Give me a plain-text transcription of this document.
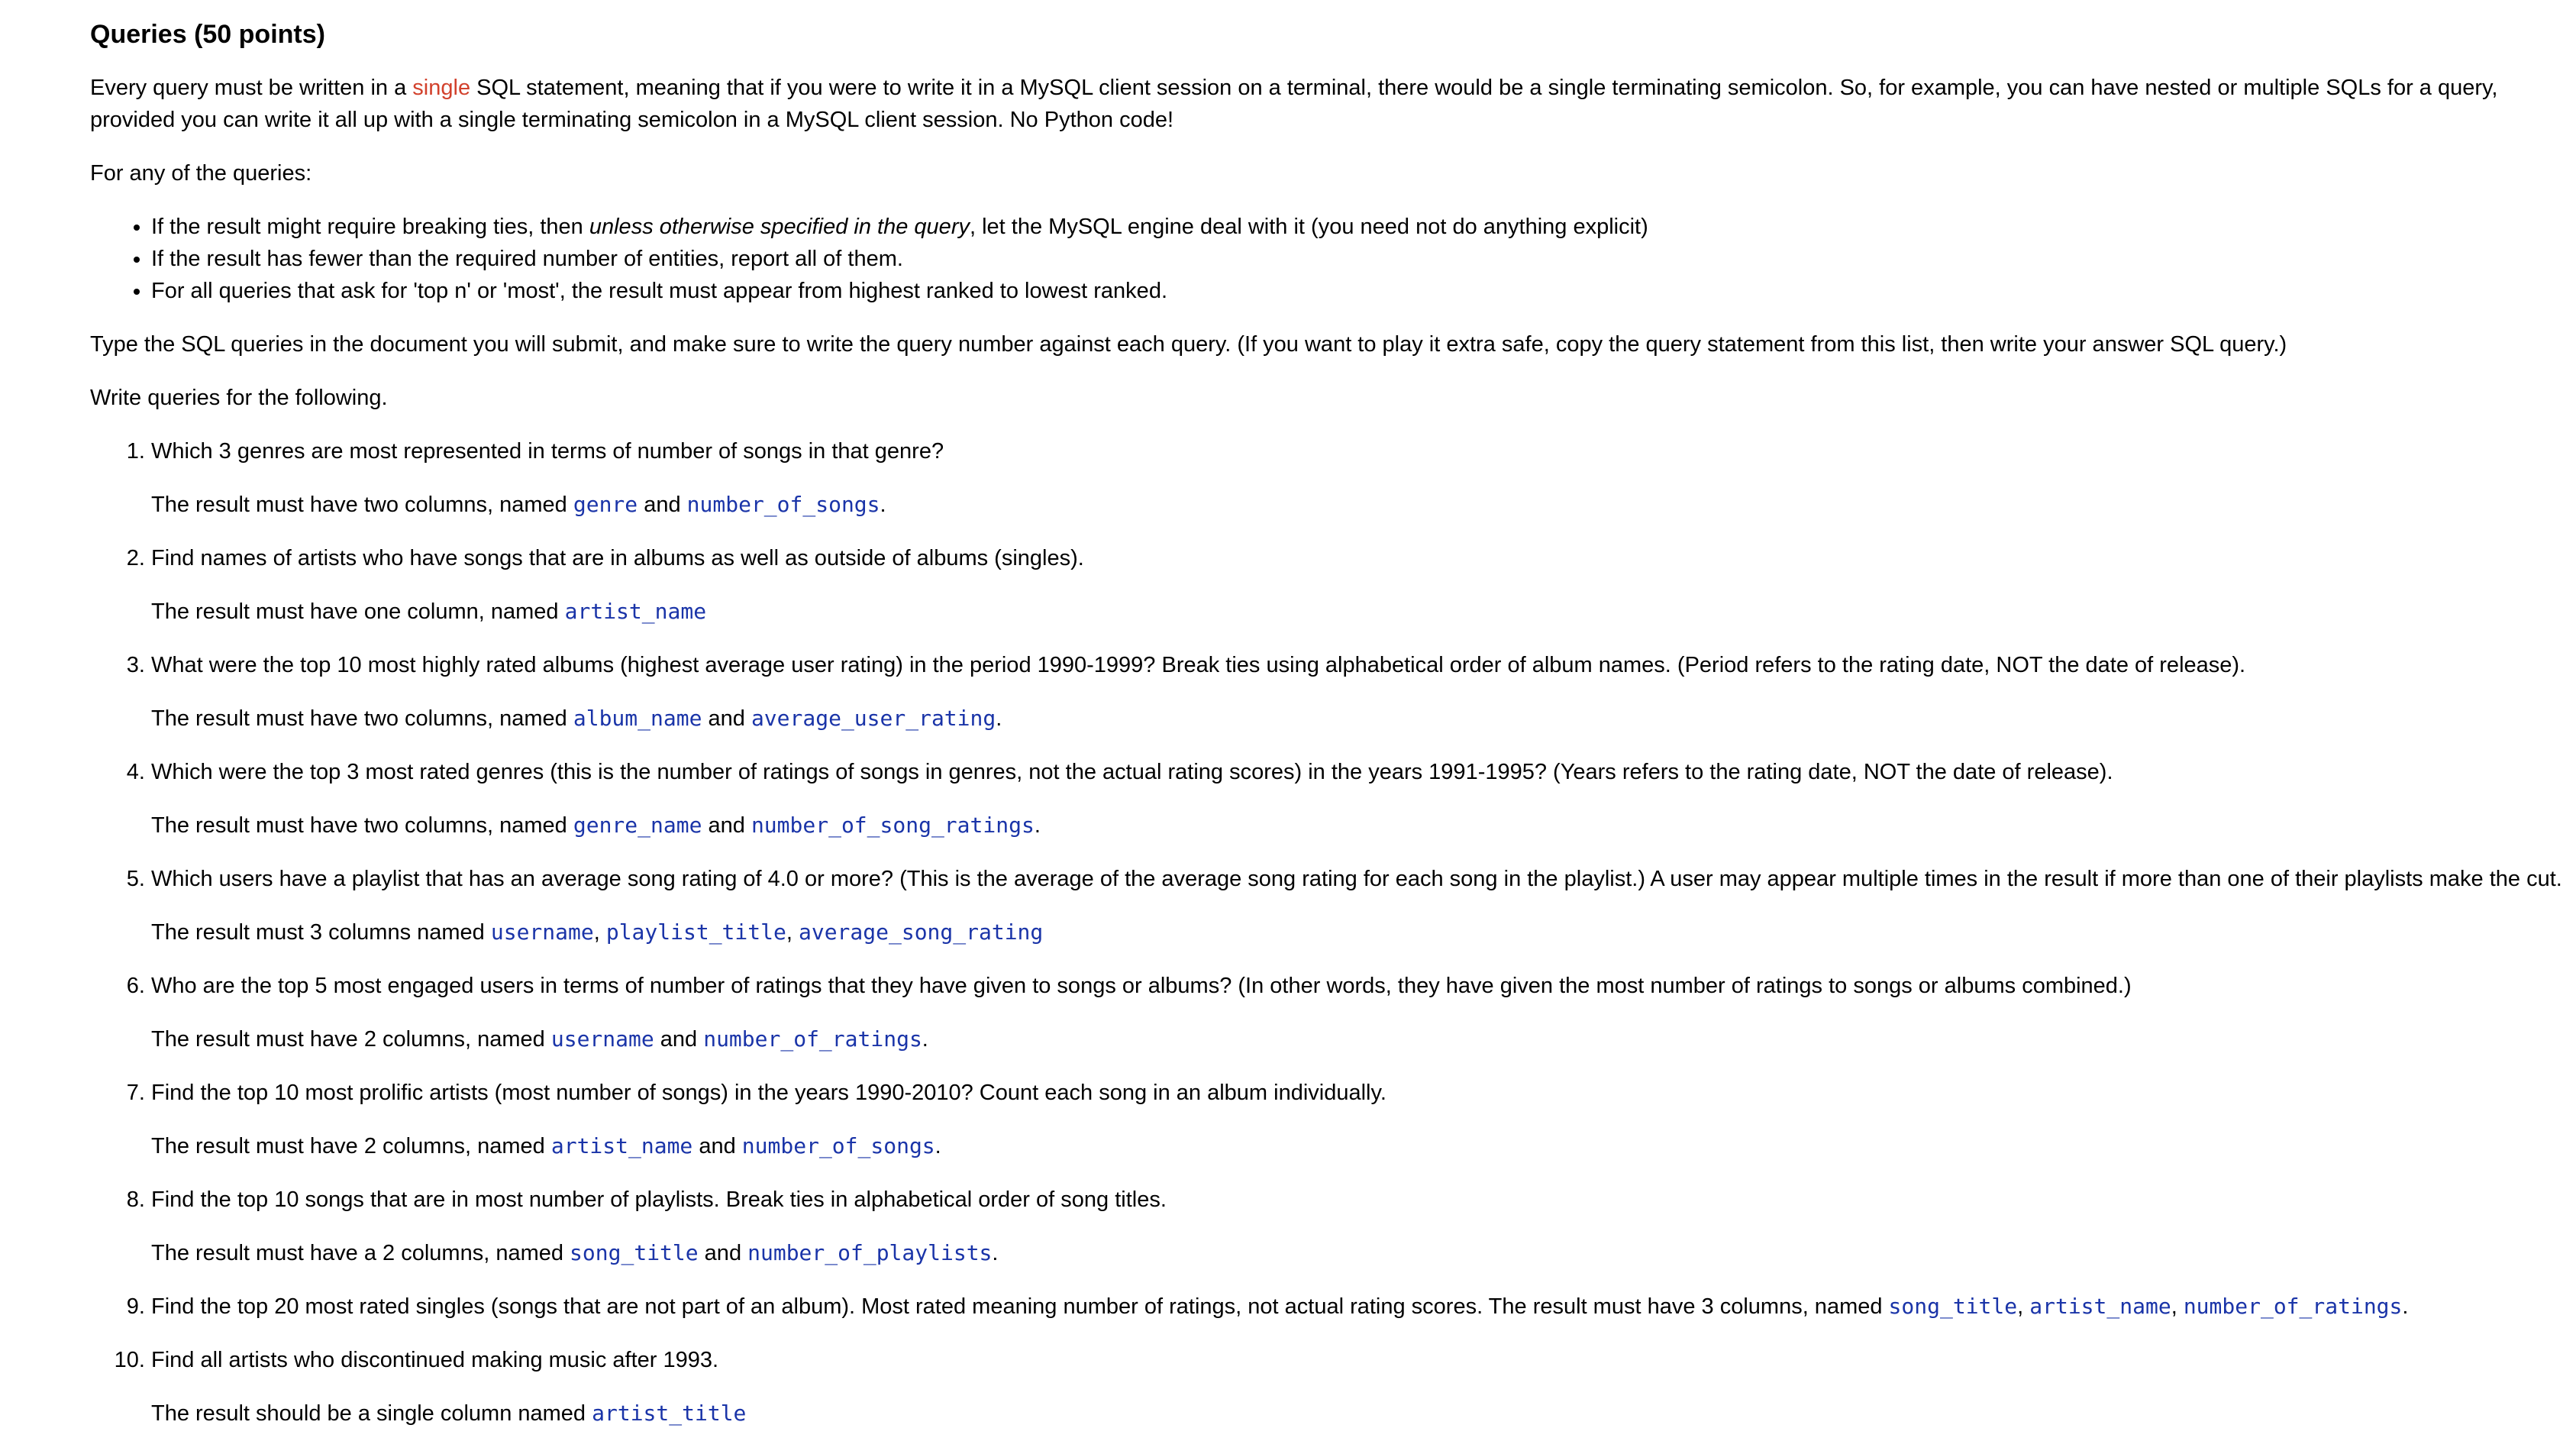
Queries (50 points)

Every query must be written in a single SQL statement, meaning that if you were to write it in a MySQL client session on a terminal, there would be a single terminating semicolon. So, for example, you can have nested or multiple SQLs for a query, provided you can write it all up with a single terminating semicolon in a MySQL client session. No Python code!

For any of the queries:

• If the result might require breaking ties, then unless otherwise specified in the query, let the MySQL engine deal with it (you need not do anything explicit)
• If the result has fewer than the required number of entities, report all of them.
• For all queries that ask for 'top n' or 'most', the result must appear from highest ranked to lowest ranked.

Type the SQL queries in the document you will submit, and make sure to write the query number against each query. (If you want to play it extra safe, copy the query statement from this list, then write your answer SQL query.)

Write queries for the following.

1. Which 3 genres are most represented in terms of number of songs in that genre?

The result must have two columns, named genre and number_of_songs.

2. Find names of artists who have songs that are in albums as well as outside of albums (singles).

The result must have one column, named artist_name

3. What were the top 10 most highly rated albums (highest average user rating) in the period 1990-1999? Break ties using alphabetical order of album names. (Period refers to the rating date, NOT the date of release).

The result must have two columns, named album_name and average_user_rating.

4. Which were the top 3 most rated genres (this is the number of ratings of songs in genres, not the actual rating scores) in the years 1991-1995? (Years refers to the rating date, NOT the date of release).

The result must have two columns, named genre_name and number_of_song_ratings.

5. Which users have a playlist that has an average song rating of 4.0 or more? (This is the average of the average song rating for each song in the playlist.) A user may appear multiple times in the result if more than one of their playlists make the cut.

The result must 3 columns named username, playlist_title, average_song_rating

6. Who are the top 5 most engaged users in terms of number of ratings that they have given to songs or albums? (In other words, they have given the most number of ratings to songs or albums combined.)

The result must have 2 columns, named username and number_of_ratings.

7. Find the top 10 most prolific artists (most number of songs) in the years 1990-2010? Count each song in an album individually.

The result must have 2 columns, named artist_name and number_of_songs.

8. Find the top 10 songs that are in most number of playlists. Break ties in alphabetical order of song titles.

The result must have a 2 columns, named song_title and number_of_playlists.

9. Find the top 20 most rated singles (songs that are not part of an album). Most rated meaning number of ratings, not actual rating scores. The result must have 3 columns, named song_title, artist_name, number_of_ratings.
10. Find all artists who discontinued making music after 1993.

The result should be a single column named artist_title
